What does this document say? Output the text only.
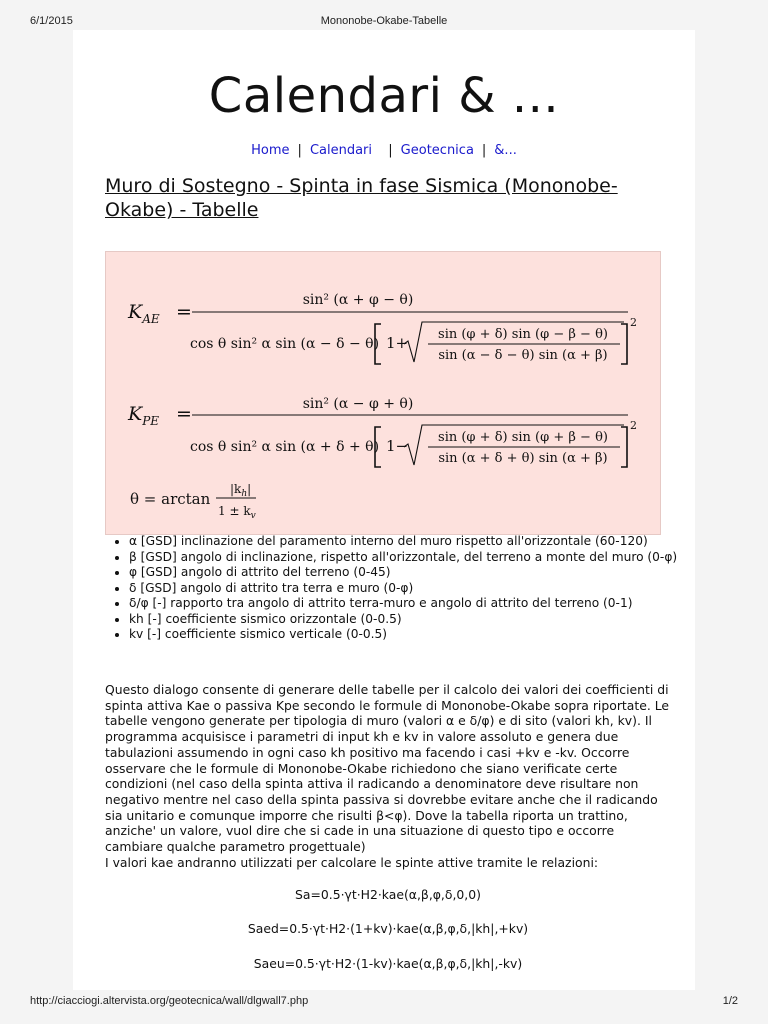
6/1/2015	Mononobe-Okabe-Tabelle
Calendari & ...
Home | Calendari | Geotecnica | &...
Muro di Sostegno - Spinta in fase Sismica (Mononobe-Okabe) - Tabelle
$K_{AE}$ =
sin² (α + φ − θ)
cos θ sin² α sin (α − δ − θ) 1+ sin (φ + δ) sin (φ − β − θ)
sin (α − δ − θ) sin (α + β)
2
$K_{PE}$ =	sin² (α − φ + θ)
cos θ sin² α sin (α + δ + θ) 1− sin (φ + δ) sin (φ + β − θ)
sin (α + δ + θ) sin (α + β)
2
θ = arctan
$|k_h|$
$1 \pm k_v$
• α [GSD] inclinazione del paramento interno del muro rispetto all'orizzontale (60-120)
• β [GSD] angolo di inclinazione, rispetto all'orizzontale, del terreno a monte del muro (0-φ)
• φ [GSD] angolo di attrito del terreno (0-45)
• δ [GSD] angolo di attrito tra terra e muro (0-φ)
• δ/φ [-] rapporto tra angolo di attrito terra-muro e angolo di attrito del terreno (0-1)
• kh [-] coefficiente sismico orizzontale (0-0.5)
• kv [-] coefficiente sismico verticale (0-0.5)

Questo dialogo consente di generare delle tabelle per il calcolo dei valori dei coefficienti di spinta attiva Kae o passiva Kpe secondo le formule di Mononobe-Okabe sopra riportate. Le tabelle vengono generate per tipologia di muro (valori α e δ/φ) e di sito (valori kh, kv). Il programma acquisisce i parametri di input kh e kv in valore assoluto e genera due tabulazioni assumendo in ogni caso kh positivo ma facendo i casi +kv e -kv. Occorre osservare che le formule di Mononobe-Okabe richiedono che siano verificate certe condizioni (nel caso della spinta attiva il radicando a denominatore deve risultare non negativo mentre nel caso della spinta passiva si dovrebbe evitare anche che il radicando sia unitario e comunque imporre che risulti β<φ). Dove la tabella riporta un trattino, anziche' un valore, vuol dire che si cade in una situazione di questo tipo e occorre cambiare qualche parametro progettuale)

I valori kae andranno utilizzati per calcolare le spinte attive tramite le relazioni:

Sa=0.5·γt·H2·kae(α,β,φ,δ,0,0)
Saed=0.5·γt·H2·(1+kv)·kae(α,β,φ,δ,|kh|,+kv)
Saeu=0.5·γt·H2·(1-kv)·kae(α,β,φ,δ,|kh|,-kv)
http://ciacciogi.altervista.org/geotecnica/wall/dlgwall7.php	1/2
